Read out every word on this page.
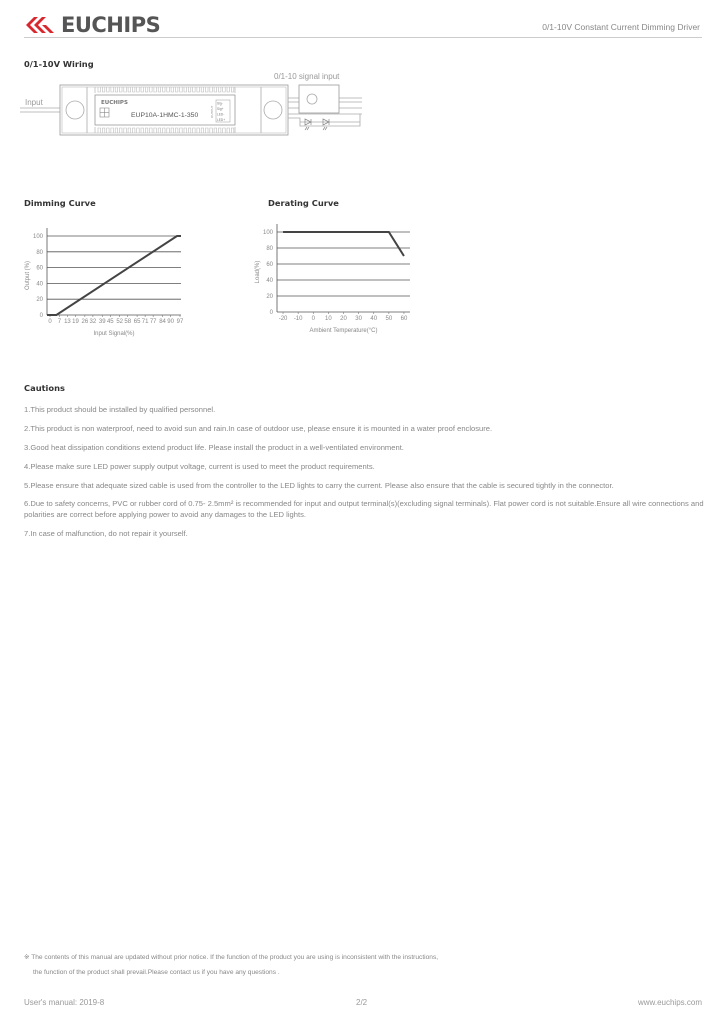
EUCHIPS	0/1-10V Constant Current Dimming Driver
0/1-10V Wiring
Input	EUCHIPS
EUP10A-1HMC-1-350	OUTPUT
Sig-
Sig+
LED-
LED+
0/1-10 signal input
Dimming Curve
0
20
40
60
80
100
0 7 13 19 26 32 39 45 52 58 65 71 77 84 90 97
Input Signal(%)
Output (%)
Derating Curve
0
20
40
60
80
100
-20 -10 0 10 20 30 40 50 60
Ambient Temperature(°C)
Load(%)
Cautions
1.This product should be installed by qualified personnel.
2.This product is non waterproof, need to avoid sun and rain.In case of outdoor use, please ensure it is mounted in a water proof enclosure.
3.Good heat dissipation conditions extend product life. Please install the product in a well-ventilated environment.
4.Please make sure LED power supply output voltage, current is used to meet the product requirements.
5.Please ensure that adequate sized cable is used from the controller to the LED lights to carry the current. Please also ensure that the cable is secured tightly in the connector.
6.Due to safety concerns, PVC or rubber cord of 0.75- 2.5mm² is recommended for input and output terminal(s)(excluding signal terminals). Flat power cord is not suitable.Ensure all wire connections and polarities are correct before applying power to avoid any damages to the LED lights.
7.In case of malfunction, do not repair it yourself.
※ The contents of this manual are updated without prior notice. If the function of the product you are using is inconsistent with the instructions,
the function of the product shall prevail.Please contact us if you have any questions .
User's manual: 2019-8	2/2	www.euchips.com
